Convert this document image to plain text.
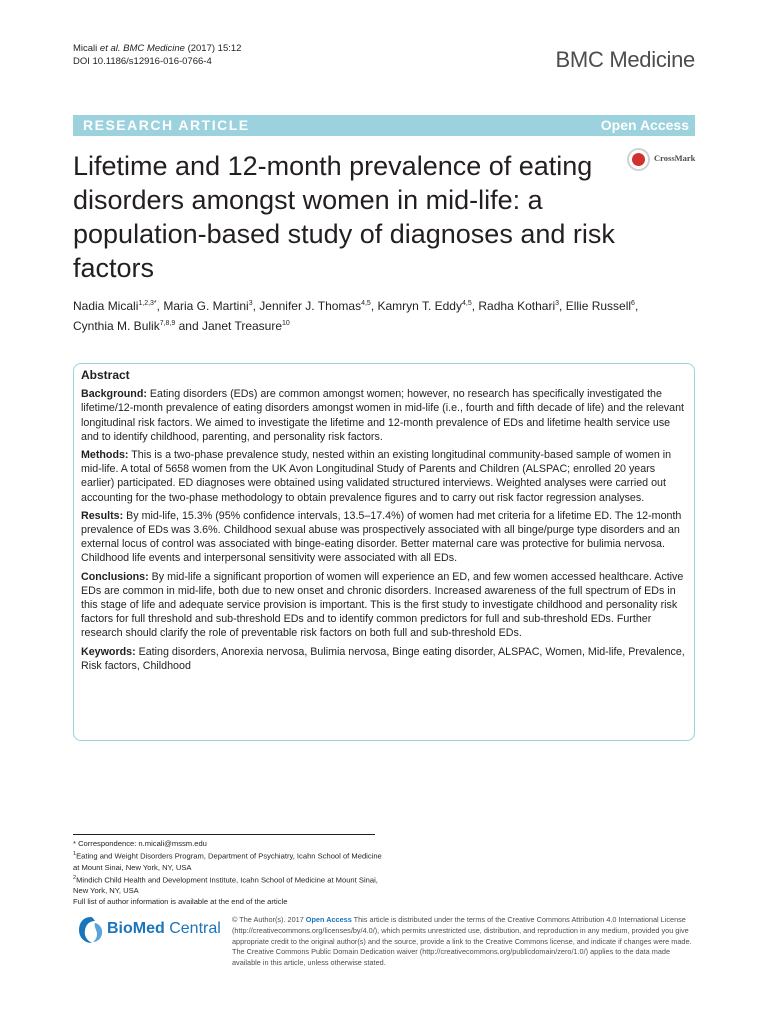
Micali et al. BMC Medicine (2017) 15:12
DOI 10.1186/s12916-016-0766-4	BMC Medicine
RESEARCH ARTICLE	Open Access
Lifetime and 12-month prevalence of eating disorders amongst women in mid-life: a population-based study of diagnoses and risk factors
CrossMark
Nadia Micali$^{1,2,3*}$, Maria G. Martini$^3$, Jennifer J. Thomas$^{4,5}$, Kamryn T. Eddy$^{4,5}$, Radha Kothari$^3$, Ellie Russell$^6$,
Cynthia M. Bulik$^{7,8,9}$ and Janet Treasure$^{10}$
Abstract

Background: Eating disorders (EDs) are common amongst women; however, no research has specifically investigated the lifetime/12-month prevalence of eating disorders amongst women in mid-life (i.e., fourth and fifth decade of life) and the relevant longitudinal risk factors. We aimed to investigate the lifetime and 12-month prevalence of EDs and lifetime health service use and to identify childhood, parenting, and personality risk factors.

Methods: This is a two-phase prevalence study, nested within an existing longitudinal community-based sample of women in mid-life. A total of 5658 women from the UK Avon Longitudinal Study of Parents and Children (ALSPAC; enrolled 20 years earlier) participated. ED diagnoses were obtained using validated structured interviews. Weighted analyses were carried out accounting for the two-phase methodology to obtain prevalence figures and to carry out risk factor regression analyses.

Results: By mid-life, 15.3% (95% confidence intervals, 13.5–17.4%) of women had met criteria for a lifetime ED. The 12-month prevalence of EDs was 3.6%. Childhood sexual abuse was prospectively associated with all binge/purge type disorders and an external locus of control was associated with binge-eating disorder. Better maternal care was protective for bulimia nervosa. Childhood life events and interpersonal sensitivity were associated with all EDs.

Conclusions: By mid-life a significant proportion of women will experience an ED, and few women accessed healthcare. Active EDs are common in mid-life, both due to new onset and chronic disorders. Increased awareness of the full spectrum of EDs in this stage of life and adequate service provision is important. This is the first study to investigate childhood and personality risk factors for full threshold and sub-threshold EDs and to identify common predictors for full and sub-threshold EDs. Further research should clarify the role of preventable risk factors on both full and sub-threshold EDs.

Keywords: Eating disorders, Anorexia nervosa, Bulimia nervosa, Binge eating disorder, ALSPAC, Women, Mid-life, Prevalence, Risk factors, Childhood

* Correspondence: n.micali@mssm.edu

$^1$Eating and Weight Disorders Program, Department of Psychiatry, Icahn School of Medicine at Mount Sinai, New York, NY, USA

$^2$Mindich Child Health and Development Institute, Icahn School of Medicine at Mount Sinai, New York, NY, USA

Full list of author information is available at the end of the article

BioMed Central
© The Author(s). 2017 Open Access This article is distributed under the terms of the Creative Commons Attribution 4.0 International License (http://creativecommons.org/licenses/by/4.0/), which permits unrestricted use, distribution, and reproduction in any medium, provided you give appropriate credit to the original author(s) and the source, provide a link to the Creative Commons license, and indicate if changes were made. The Creative Commons Public Domain Dedication waiver (http://creativecommons.org/publicdomain/zero/1.0/) applies to the data made available in this article, unless otherwise stated.
